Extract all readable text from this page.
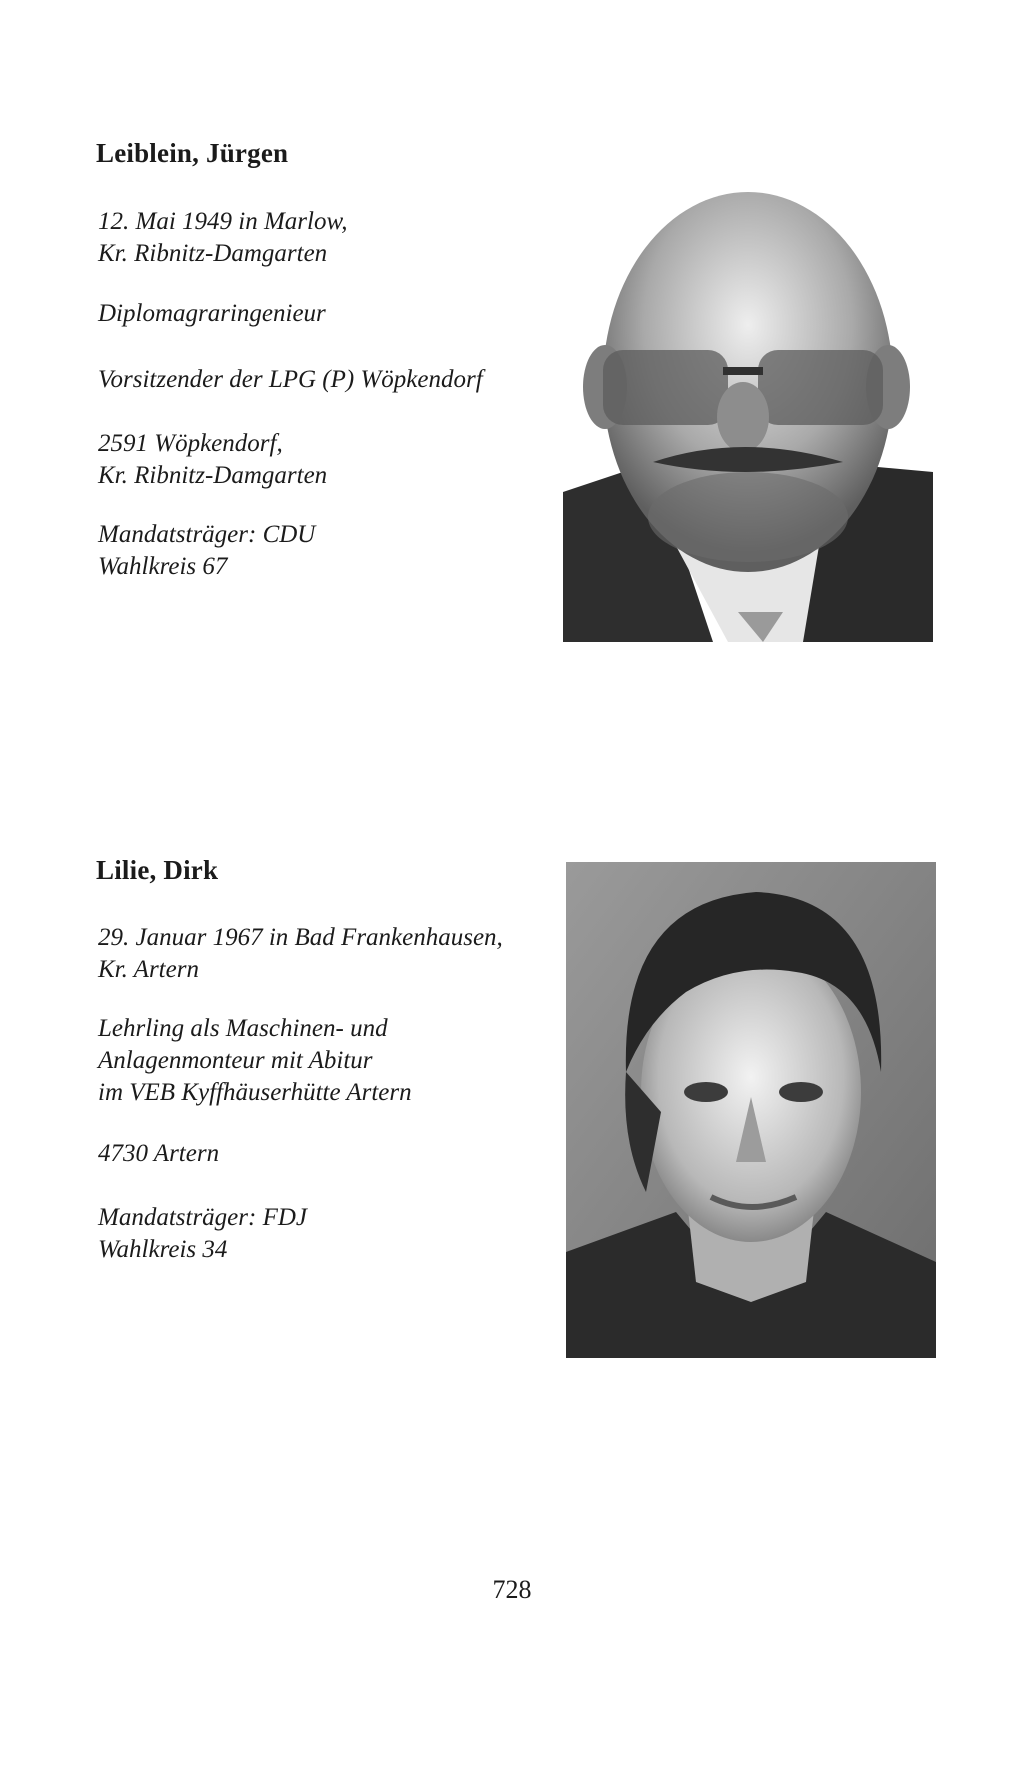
Leiblein, Jürgen
12. Mai 1949 in Marlow,
Kr. Ribnitz-Damgarten
Diplomagraringenieur
Vorsitzender der LPG (P) Wöpkendorf
2591 Wöpkendorf,
Kr. Ribnitz-Damgarten
Mandatsträger: CDU
Wahlkreis 67
Lilie, Dirk
29. Januar 1967 in Bad Frankenhausen,
Kr. Artern
Lehrling als Maschinen- und
Anlagenmonteur mit Abitur
im VEB Kyffhäuserhütte Artern
4730 Artern
Mandatsträger: FDJ
Wahlkreis 34
728
